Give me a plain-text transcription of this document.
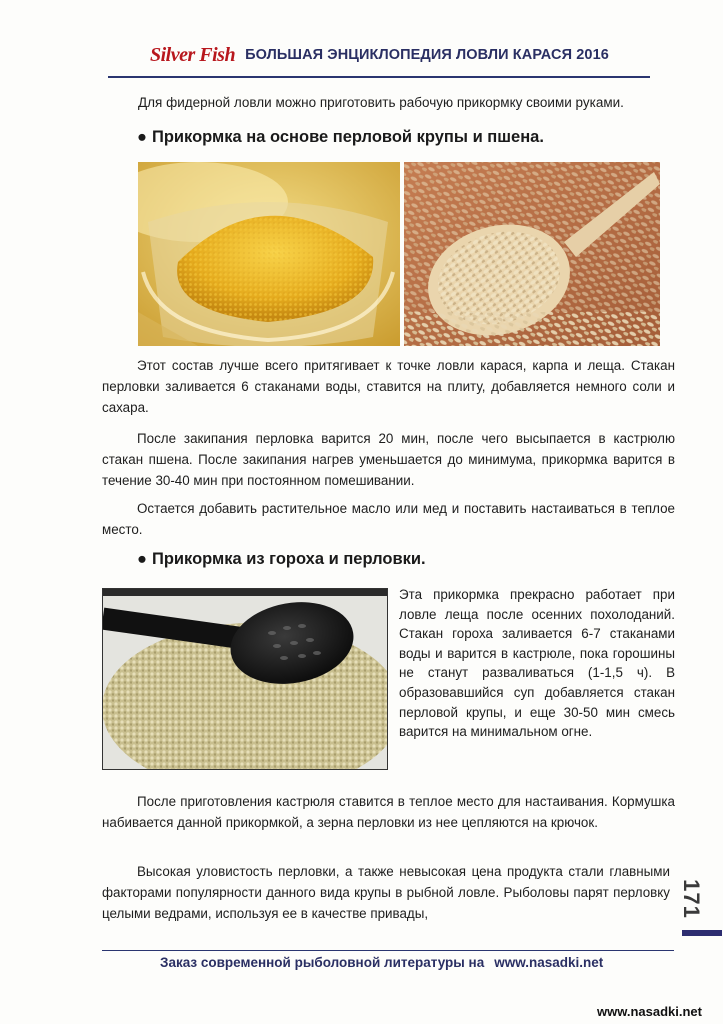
Silver Fish БОЛЬШАЯ ЭНЦИКЛОПЕДИЯ ЛОВЛИ КАРАСЯ 2016
Для фидерной ловли можно приготовить рабочую прикормку своими руками.
● Прикормка на основе перловой крупы и пшена.

Этот состав лучше всего притягивает к точке ловли карася, карпа и леща. Стакан перловки заливается 6 стаканами воды, ставится на плиту, добавляется немного соли и сахара.

После закипания перловка варится 20 мин, после чего высыпается в кастрюлю стакан пшена. После закипания нагрев уменьшается до минимума, прикормка варится в течение 30-40 мин при постоянном помешивании.

Остается добавить растительное масло или мед и поставить настаиваться в теплое место.

● Прикормка из гороха и перловки.

Эта прикормка прекрасно работает при ловле леща после осенних похолоданий. Стакан гороха заливается 6-7 стаканами воды и варится в кастрюле, пока горошины не станут разваливаться (1-1,5 ч). В образовавшийся суп добавляется стакан перловой крупы, и еще 30-50 мин смесь варится на минимальном огне.

После приготовления кастрюля ставится в теплое место для настаивания. Кормушка набивается данной прикормкой, а зерна перловки из нее цепляются на крючок.

Высокая уловистость перловки, а также невысокая цена продукта стали главными факторами популярности данного вида крупы в рыбной ловле. Рыболовы парят перловку целыми ведрами, используя ее в качестве привады,	171
Заказ современной рыболовной литературы на www.nasadki.net
www.nasadki.net
